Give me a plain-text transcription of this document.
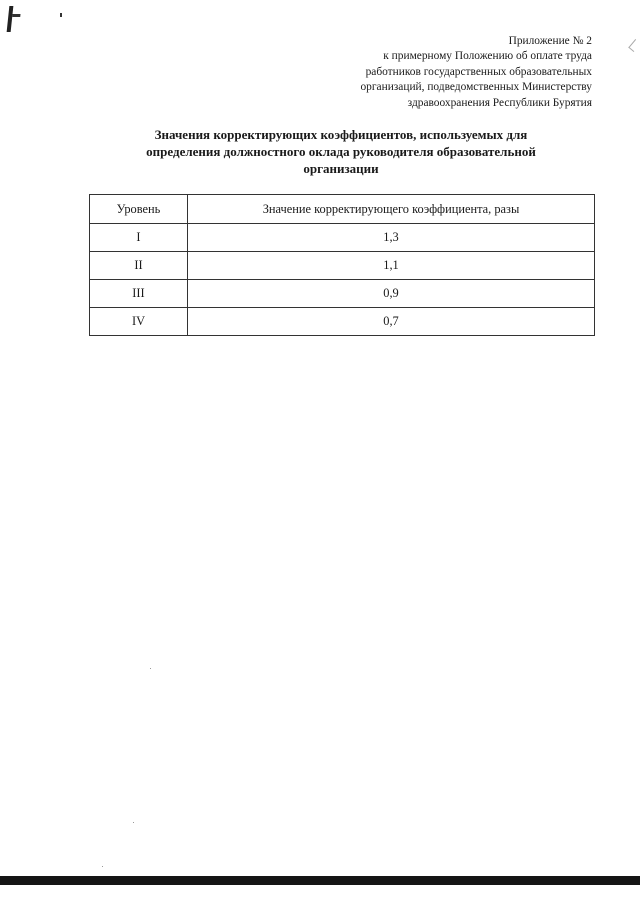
Приложение № 2
к примерному Положению об оплате труда
работников государственных образовательных
организаций, подведомственных Министерству
здравоохранения Республики Бурятия
Значения корректирующих коэффициентов, используемых для
определения должностного оклада руководителя образовательной
организации
Уровень	Значение корректирующего коэффициента, разы
I	1,3
II	1,1
III	0,9
IV	0,7
